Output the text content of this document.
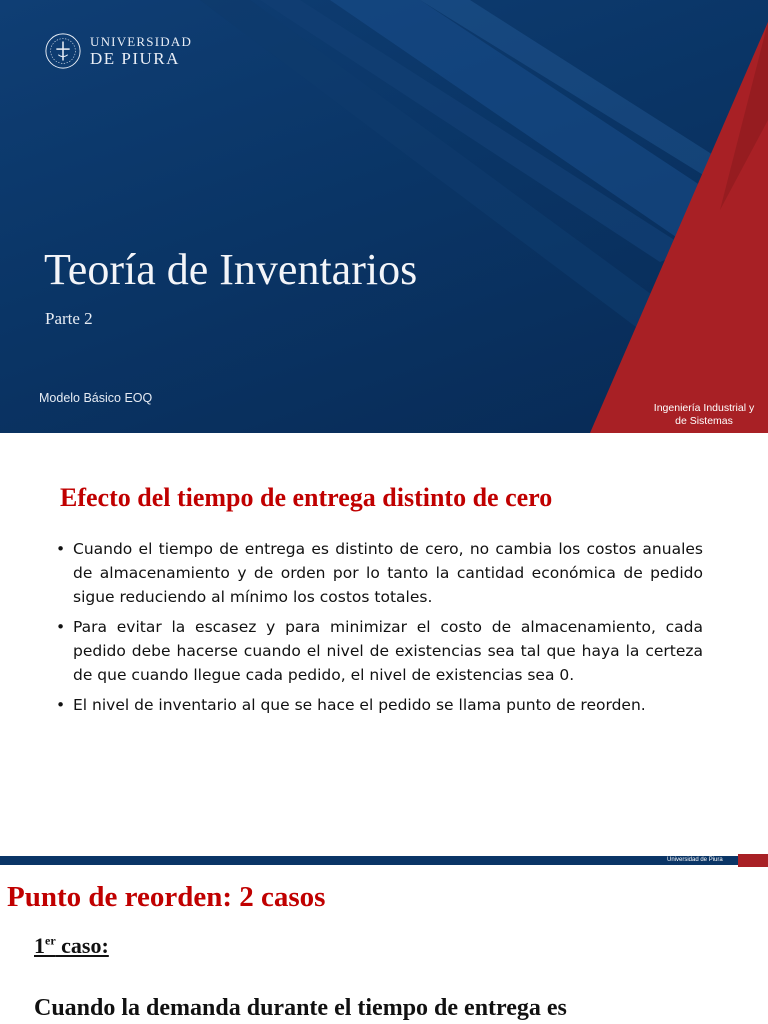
UNIVERSIDAD
DE PIURA
Teoría de Inventarios
Parte 2
Modelo Básico EOQ
Ingeniería Industrial y
de Sistemas
Efecto del tiempo de entrega distinto de cero
• Cuando el tiempo de entrega es distinto de cero, no cambia los costos anuales de almacenamiento y de orden por lo tanto la cantidad económica de pedido sigue reduciendo al mínimo los costos totales.
• Para evitar la escasez y para minimizar el costo de almacenamiento, cada pedido debe hacerse cuando el nivel de existencias sea tal que haya la certeza de que cuando llegue cada pedido, el nivel de existencias sea 0.
• El nivel de inventario al que se hace el pedido se llama punto de reorden.
Universidad de Piura
Punto de reorden: 2 casos
1er caso:
Cuando la demanda durante el tiempo de entrega es
